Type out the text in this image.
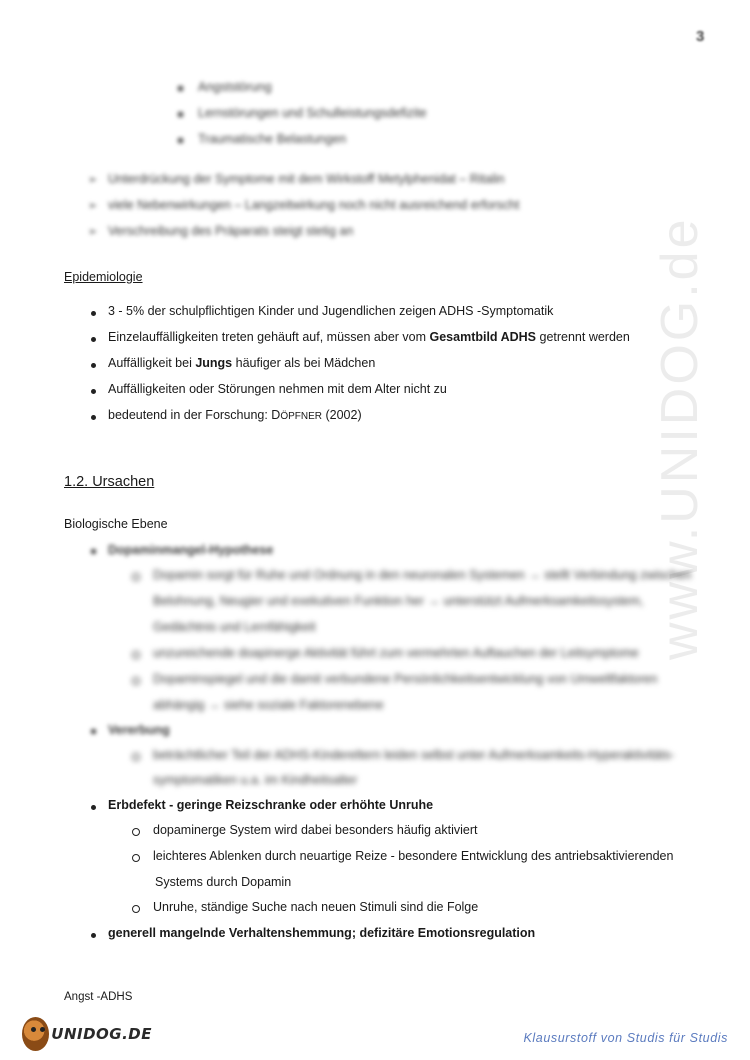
www.UNIDOG.de
3
Angststörung
Lernstörungen und Schulleistungsdefizite
Traumatische Belastungen
➢ Unterdrückung der Symptome mit dem Wirkstoff Metylphenidat – Ritalin
➢ viele Nebenwirkungen – Langzeitwirkung noch nicht ausreichend erforscht
➢ Verschreibung des Präparats steigt stetig an
Epidemiologie
3 - 5% der schulpflichtigen Kinder und Jugendlichen zeigen ADHS -Symptomatik
Einzelauffälligkeiten treten gehäuft auf, müssen aber vom Gesamtbild ADHS getrennt werden
Auffälligkeit bei Jungs häufiger als bei Mädchen
Auffälligkeiten oder Störungen nehmen mit dem Alter nicht zu
bedeutend in der Forschung: DÖPFNER (2002)
1.2. Ursachen
Biologische Ebene
Dopaminmangel-Hypothese
Dopamin sorgt für Ruhe und Ordnung in den neuronalen Systemen → stellt Verbindung zwischen
Belohnung, Neugier und exekutiven Funktion her → unterstützt Aufmerksamkeitssystem,
Gedächtnis und Lernfähigkeit
unzureichende doapinerge Aktivität führt zum vermehrten Auftauchen der Leitsymptome
Dopaminspiegel und die damit verbundene Persönlichkeitsentwicklung von Umweltfaktoren
abhängig → siehe soziale Faktorenebene
Vererbung
beträchtlicher Teil der ADHS-Kindereltern leiden selbst unter Aufmerksamkeits-Hyperaktivitäts-
symptomatiken u.a. im Kindheitsalter
Erbdefekt - geringe Reizschranke oder erhöhte Unruhe
dopaminerge System wird dabei besonders häufig aktiviert
leichteres Ablenken durch neuartige Reize - besondere Entwicklung des antriebsaktivierenden
Systems durch Dopamin
Unruhe, ständige Suche nach neuen Stimuli sind die Folge
generell mangelnde Verhaltenshemmung; defizitäre Emotionsregulation
Angst -ADHS
UNIDOG.DE	Klausurstoff von Studis für Studis
